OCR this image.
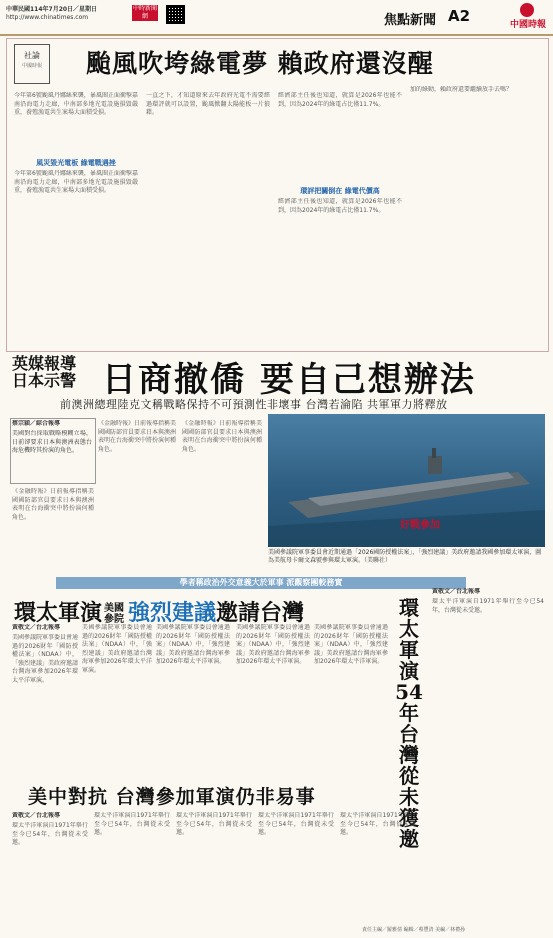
中華民國114年7月20日／星期日
http://www.chinatimes.com
中時新聞網	焦點新聞 A2	中國時報
社論
中國時報 颱風吹垮綠電夢 賴政府還沒醒
今年第6號颱風丹娜絲來襲，暴風圈正面衝擊嘉南沿海電力走廊，中南部多地光電設施損毀嚴重，養殖漁電共生案場大面積受損。
風災毀光電板 綠電戰遇挫
今年第6號颱風丹娜絲來襲，暴風圈正面衝擊嘉南沿海電力走廊，中南部多地光電設施損毀嚴重，養殖漁電共生案場大面積受損。
一直之下，才知道原來去年政府光電不需要經過環評就可以設置，颱風掀翻太陽能板一片狼藉。
經濟部主任後也知道，就算是2026年也能不到，因為2024年的綠電占比僅11.7%。
環評把關倒在 綠電代價高
經濟部主任後也知道，就算是2026年也能不到，因為2024年的綠電占比僅11.7%。
加的綠動，賴政府還要繼續放手去嗎？
英媒報導日本示警 日商撤僑 要自己想辦法
前澳洲總理陸克文稱戰略保持不可預測性非壞事 台灣若淪陷 共軍軍力將釋放
蔡宗穎／綜合報導
美國對台採取戰略模糊立場，日前卻要求日本與澳洲表態台海危機時其扮演的角色。
《金融時報》日前報導指稱美國國防部官員要求日本與澳洲表明在台海衝突中將扮演何種角色。
《金融時報》日前報導指稱美國國防部官員要求日本與澳洲表明在台海衝突中將扮演何種角色。
《金融時報》日前報導指稱美國國防部官員要求日本與澳洲表明在台海衝突中將扮演何種角色。
好戰參加
美國參議院軍事委員會近期通過「2026國防授權法案」，「強烈建議」美政府邀請我國參加環太軍演，圖為美航母卡爾文森號參與環太軍演。（美聯社）
學者稱政治外交意義大於軍事 派觀察團較務實
環太軍演 美國參院 強烈建議邀請台灣
黃敬文／台北報導
美國參議院軍事委員會通過的2026財年「國防授權法案」（NDAA）中，「強烈建議」美政府邀請台灣海軍參加2026年環太平洋軍演。
美國參議院軍事委員會通過的2026財年「國防授權法案」（NDAA）中，「強烈建議」美政府邀請台灣海軍參加2026年環太平洋軍演。
美國參議院軍事委員會通過的2026財年「國防授權法案」（NDAA）中，「強烈建議」美政府邀請台灣海軍參加2026年環太平洋軍演。
美國參議院軍事委員會通過的2026財年「國防授權法案」（NDAA）中，「強烈建議」美政府邀請台灣海軍參加2026年環太平洋軍演。
美國參議院軍事委員會通過的2026財年「國防授權法案」（NDAA）中，「強烈建議」美政府邀請台灣海軍參加2026年環太平洋軍演。
環太軍演54年 台灣從未獲邀
黃敬文／台北報導
環太平洋軍演自1971年舉行至今已54年，台灣從未受邀。
美中對抗 台灣參加軍演仍非易事
黃敬文／台北報導
環太平洋軍演自1971年舉行至今已54年，台灣從未受邀。
環太平洋軍演自1971年舉行至今已54年，台灣從未受邀。
環太平洋軍演自1971年舉行至今已54年，台灣從未受邀。
環太平洋軍演自1971年舉行至今已54年，台灣從未受邀。
環太平洋軍演自1971年舉行至今已54年，台灣從未受邀。
責任主編／羅雅倩 編輯／蔡豐清 美編／林禮孙
